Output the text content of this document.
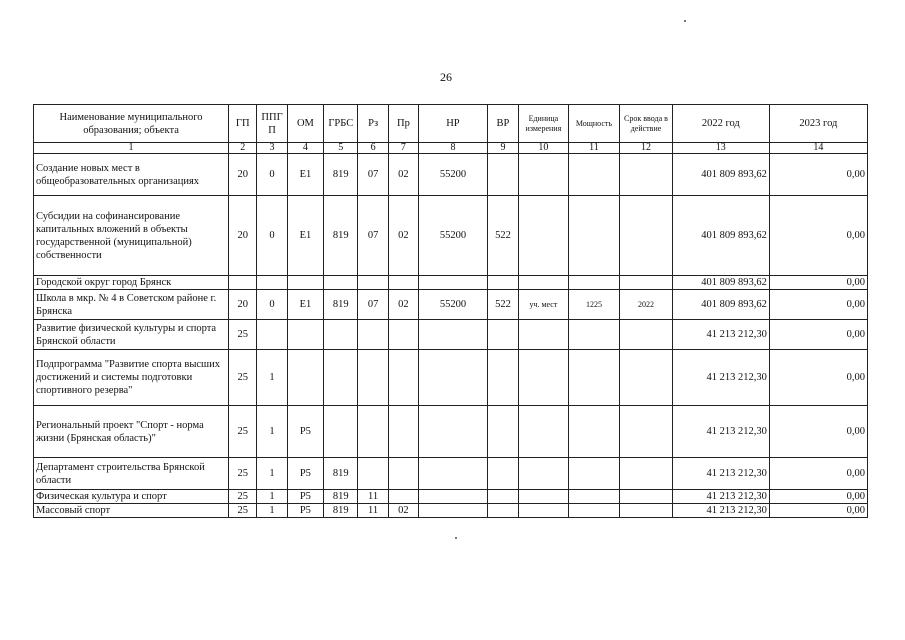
26
Наименование муниципального образования; объекта	ГП	ППГП	ОМ	ГРБС	Рз	Пр	НР	ВР	Единица измерения	Мощность	Срок ввода в действие	2022 год	2023 год
1	2	3	4	5	6	7	8	9	10	11	12	13	14
Создание новых мест в общеобразовательных организациях	20	0	Е1	819	07	02	55200					401 809 893,62	0,00
Субсидии на софинансирование капитальных вложений в объекты государственной (муниципальной) собственности	20	0	Е1	819	07	02	55200	522				401 809 893,62	0,00
Городской округ город Брянск												401 809 893,62	0,00
Школа в мкр. № 4 в Советском районе г. Брянска	20	0	Е1	819	07	02	55200	522	уч. мест	1225	2022	401 809 893,62	0,00
Развитие физической культуры и спорта Брянской области	25											41 213 212,30	0,00
Подпрограмма "Развитие спорта высших достижений и системы подготовки спортивного резерва"	25	1										41 213 212,30	0,00
Региональный проект "Спорт - норма жизни (Брянская область)"	25	1	Р5									41 213 212,30	0,00
Департамент строительства Брянской области	25	1	Р5	819								41 213 212,30	0,00
Физическая культура и спорт	25	1	Р5	819	11							41 213 212,30	0,00
Массовый спорт	25	1	Р5	819	11	02						41 213 212,30	0,00
